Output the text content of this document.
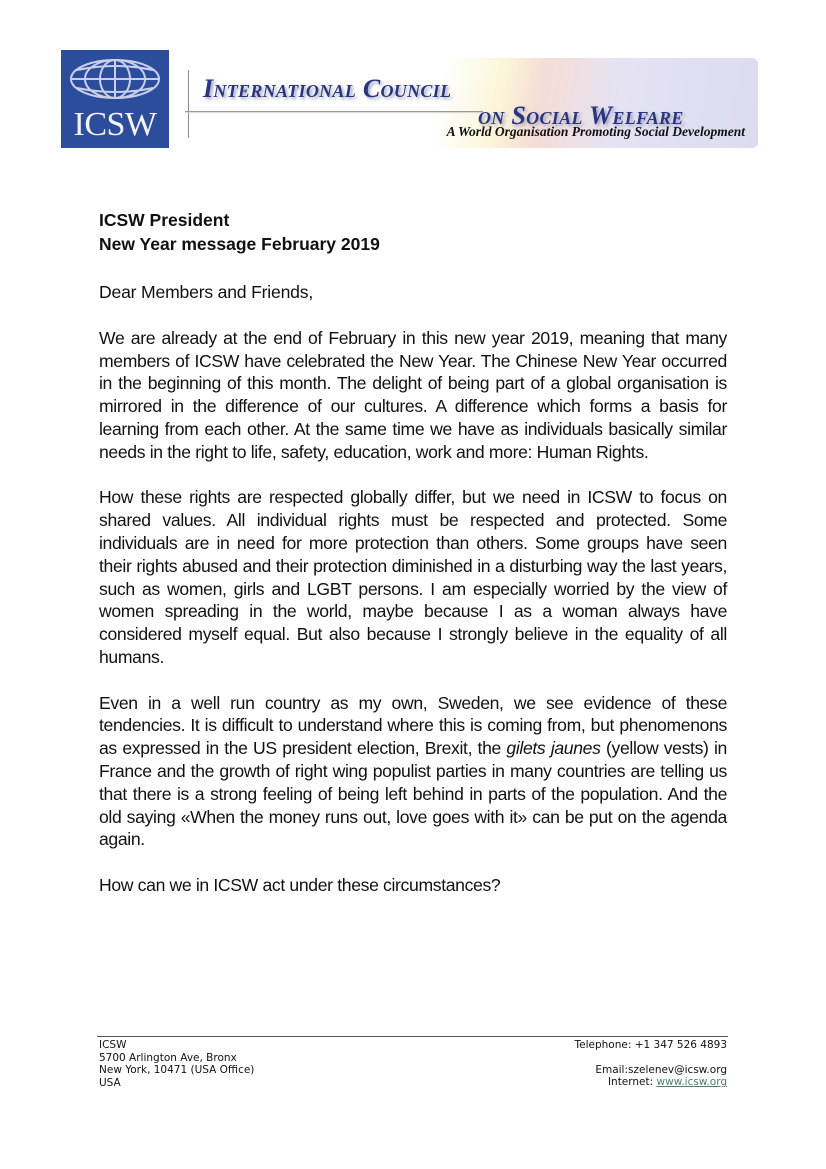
ICSW
International Council
on Social Welfare
A World Organisation Promoting Social Development

ICSW President

New Year message February 2019

Dear Members and Friends,

We are already at the end of February in this new year 2019, meaning that many members of ICSW have celebrated the New Year. The Chinese New Year occurred in the beginning of this month. The delight of being part of a global organisation is mirrored in the difference of our cultures. A difference which forms a basis for learning from each other. At the same time we have as individuals basically similar needs in the right to life, safety, education, work and more: Human Rights.

How these rights are respected globally differ, but we need in ICSW to focus on shared values. All individual rights must be respected and protected. Some individuals are in need for more protection than others. Some groups have seen their rights abused and their protection diminished in a disturbing way the last years, such as women, girls and LGBT persons. I am especially worried by the view of women spreading in the world, maybe because I as a woman always have considered myself equal. But also because I strongly believe in the equality of all humans.

Even in a well run country as my own, Sweden, we see evidence of these tendencies. It is difficult to understand where this is coming from, but phenomenons as expressed in the US president election, Brexit, the gilets jaunes (yellow vests) in France and the growth of right wing populist parties in many countries are telling us that there is a strong feeling of being left behind in parts of the population. And the old saying «When the money runs out, love goes with it» can be put on the agenda again.

How can we in ICSW act under these circumstances?

ICSW
5700 Arlington Ave, Bronx
New York, 10471 (USA Office)
USA
Telephone: +1 347 526 4893
Email:szelenev@icsw.org
Internet: www.icsw.org
